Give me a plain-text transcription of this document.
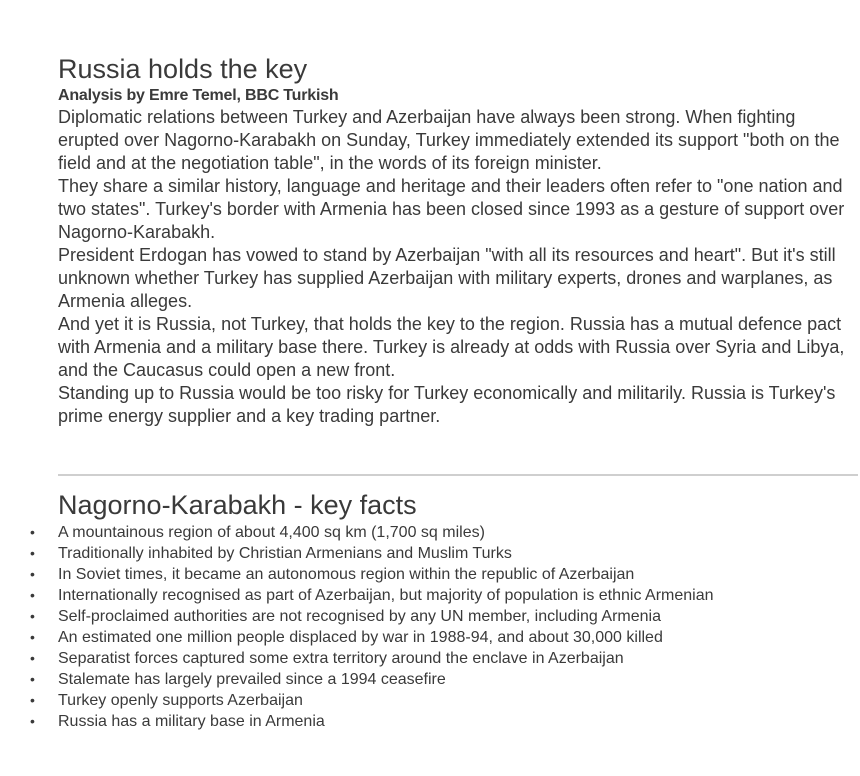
Russia holds the key

Analysis by Emre Temel, BBC Turkish

Diplomatic relations between Turkey and Azerbaijan have always been strong. When fighting erupted over Nagorno-Karabakh on Sunday, Turkey immediately extended its support "both on the field and at the negotiation table", in the words of its foreign minister.

They share a similar history, language and heritage and their leaders often refer to "one nation and two states". Turkey's border with Armenia has been closed since 1993 as a gesture of support over Nagorno-Karabakh.

President Erdogan has vowed to stand by Azerbaijan "with all its resources and heart". But it's still unknown whether Turkey has supplied Azerbaijan with military experts, drones and warplanes, as Armenia alleges.

And yet it is Russia, not Turkey, that holds the key to the region. Russia has a mutual defence pact with Armenia and a military base there. Turkey is already at odds with Russia over Syria and Libya, and the Caucasus could open a new front.

Standing up to Russia would be too risky for Turkey economically and militarily. Russia is Turkey's prime energy supplier and a key trading partner.

Nagorno-Karabakh - key facts
• A mountainous region of about 4,400 sq km (1,700 sq miles)
• Traditionally inhabited by Christian Armenians and Muslim Turks
• In Soviet times, it became an autonomous region within the republic of Azerbaijan
• Internationally recognised as part of Azerbaijan, but majority of population is ethnic Armenian
• Self-proclaimed authorities are not recognised by any UN member, including Armenia
• An estimated one million people displaced by war in 1988-94, and about 30,000 killed
• Separatist forces captured some extra territory around the enclave in Azerbaijan
• Stalemate has largely prevailed since a 1994 ceasefire
• Turkey openly supports Azerbaijan
• Russia has a military base in Armenia
